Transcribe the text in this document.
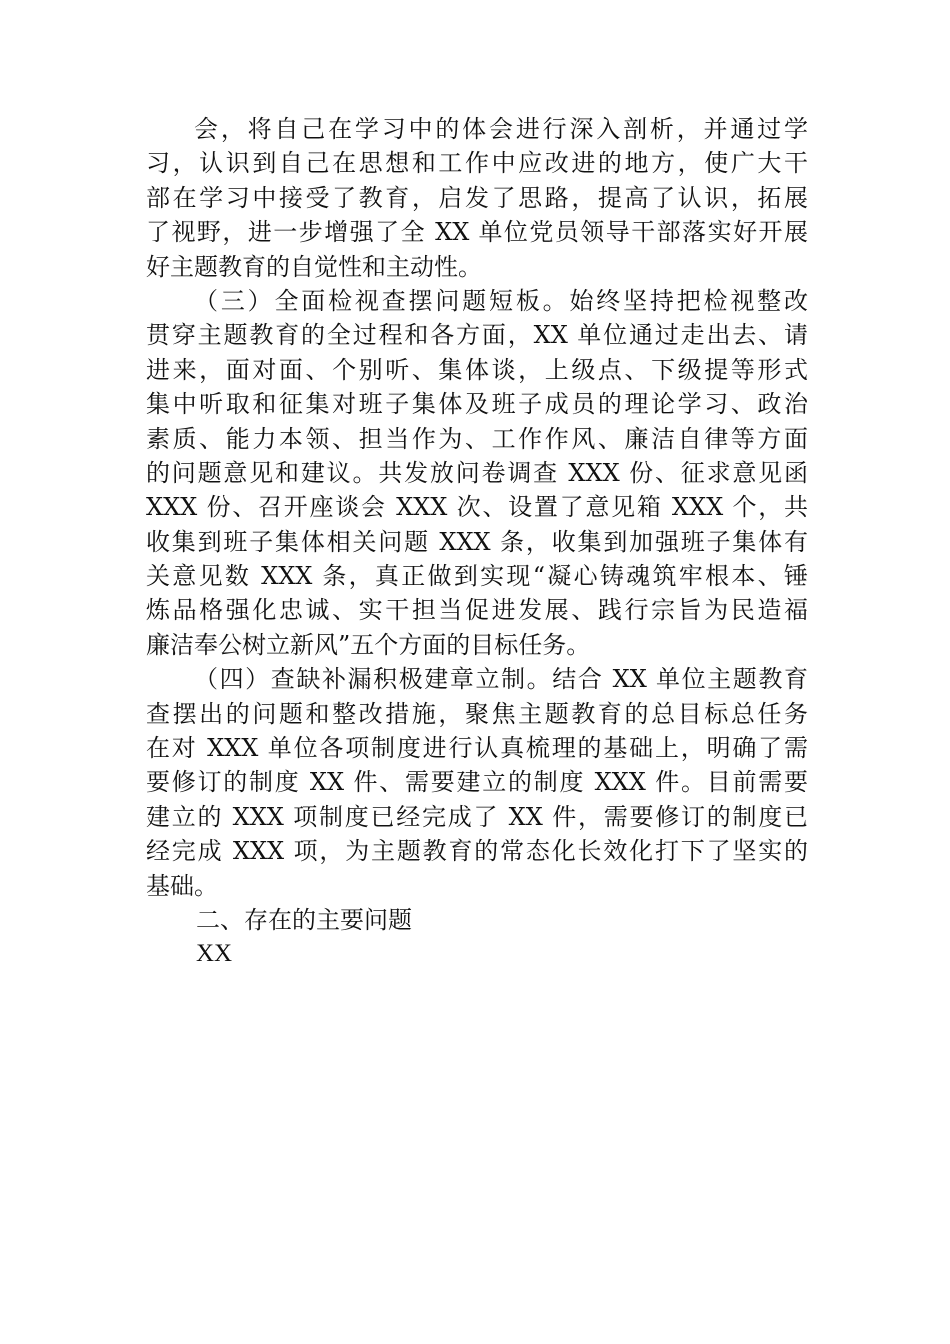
会，将自己在学习中的体会进行深入剖析，并通过学
习，认识到自己在思想和工作中应改进的地方，使广大干
部在学习中接受了教育，启发了思路，提高了认识，拓展
了视野，进一步增强了全 XX 单位党员领导干部落实好开展
好主题教育的自觉性和主动性。
（三）全面检视查摆问题短板。始终坚持把检视整改
贯穿主题教育的全过程和各方面，XX 单位通过走出去、请
进来，面对面、个别听、集体谈，上级点、下级提等形式
集中听取和征集对班子集体及班子成员的理论学习、政治
素质、能力本领、担当作为、工作作风、廉洁自律等方面
的问题意见和建议。共发放问卷调查 XXX 份、征求意见函
XXX 份、召开座谈会 XXX 次、设置了意见箱 XXX 个，共
收集到班子集体相关问题 XXX 条，收集到加强班子集体有
关意见数 XXX 条，真正做到实现“凝心铸魂筑牢根本、锤
炼品格强化忠诚、实干担当促进发展、践行宗旨为民造福
廉洁奉公树立新风”五个方面的目标任务。
（四）查缺补漏积极建章立制。结合 XX 单位主题教育
查摆出的问题和整改措施，聚焦主题教育的总目标总任务
在对 XXX 单位各项制度进行认真梳理的基础上，明确了需
要修订的制度 XX 件、需要建立的制度 XXX 件。目前需要
建立的 XXX 项制度已经完成了 XX 件，需要修订的制度已
经完成 XXX 项，为主题教育的常态化长效化打下了坚实的
基础。
二、存在的主要问题
XX
